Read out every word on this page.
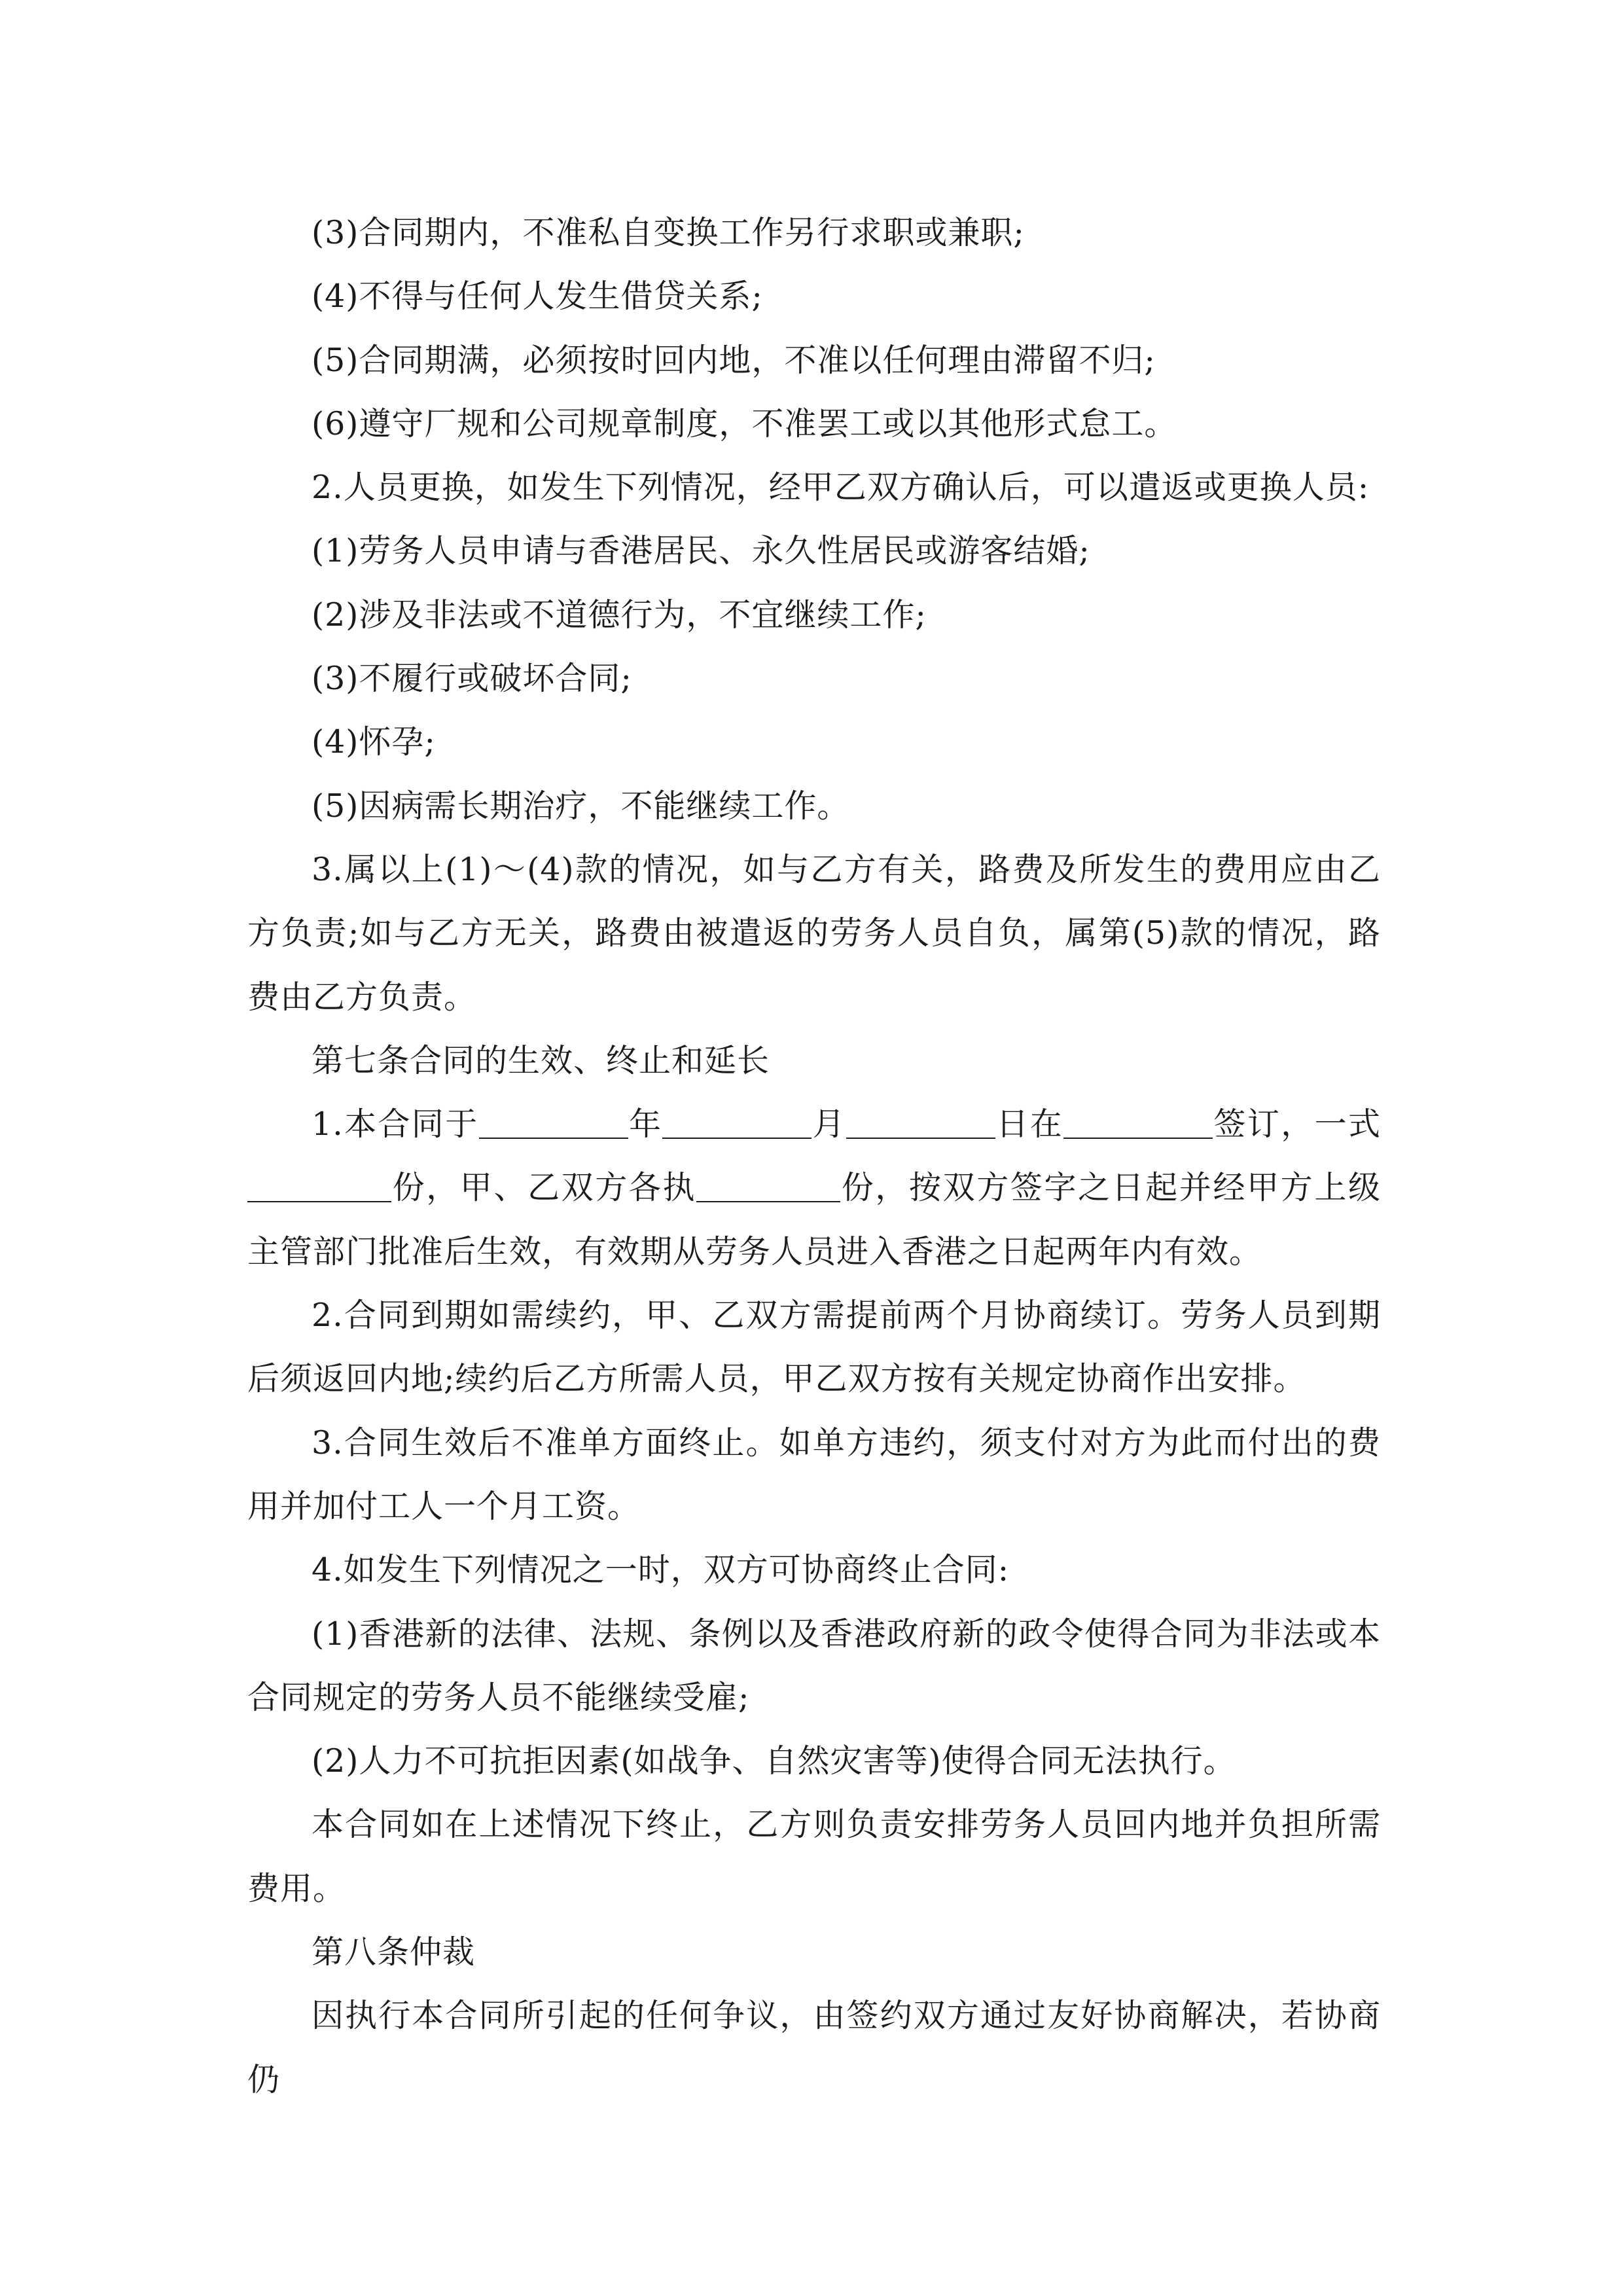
(3)合同期内，不准私自变换工作另行求职或兼职;

(4)不得与任何人发生借贷关系;

(5)合同期满，必须按时回内地，不准以任何理由滞留不归;

(6)遵守厂规和公司规章制度，不准罢工或以其他形式怠工。

2.人员更换，如发生下列情况，经甲乙双方确认后，可以遣返或更换人员:

(1)劳务人员申请与香港居民、永久性居民或游客结婚;

(2)涉及非法或不道德行为，不宜继续工作;

(3)不履行或破坏合同;

(4)怀孕;

(5)因病需长期治疗，不能继续工作。

3.属以上(1)～(4)款的情况，如与乙方有关，路费及所发生的费用应由乙方负责;如与乙方无关，路费由被遣返的劳务人员自负，属第(5)款的情况，路费由乙方负责。

第七条合同的生效、终止和延长

1.本合同于	年	月	日在	签订，一式份，甲、乙双方各执	份，按双方签字之日起并经甲方上级主管部门批准后生效，有效期从劳务人员进入香港之日起两年内有效。

2.合同到期如需续约，甲、乙双方需提前两个月协商续订。劳务人员到期后须返回内地;续约后乙方所需人员，甲乙双方按有关规定协商作出安排。

3.合同生效后不准单方面终止。如单方违约，须支付对方为此而付出的费用并加付工人一个月工资。

4.如发生下列情况之一时，双方可协商终止合同:

(1)香港新的法律、法规、条例以及香港政府新的政令使得合同为非法或本合同规定的劳务人员不能继续受雇;

(2)人力不可抗拒因素(如战争、自然灾害等)使得合同无法执行。

本合同如在上述情况下终止，乙方则负责安排劳务人员回内地并负担所需费用。

第八条仲裁

因执行本合同所引起的任何争议，由签约双方通过友好协商解决，若协商仍
